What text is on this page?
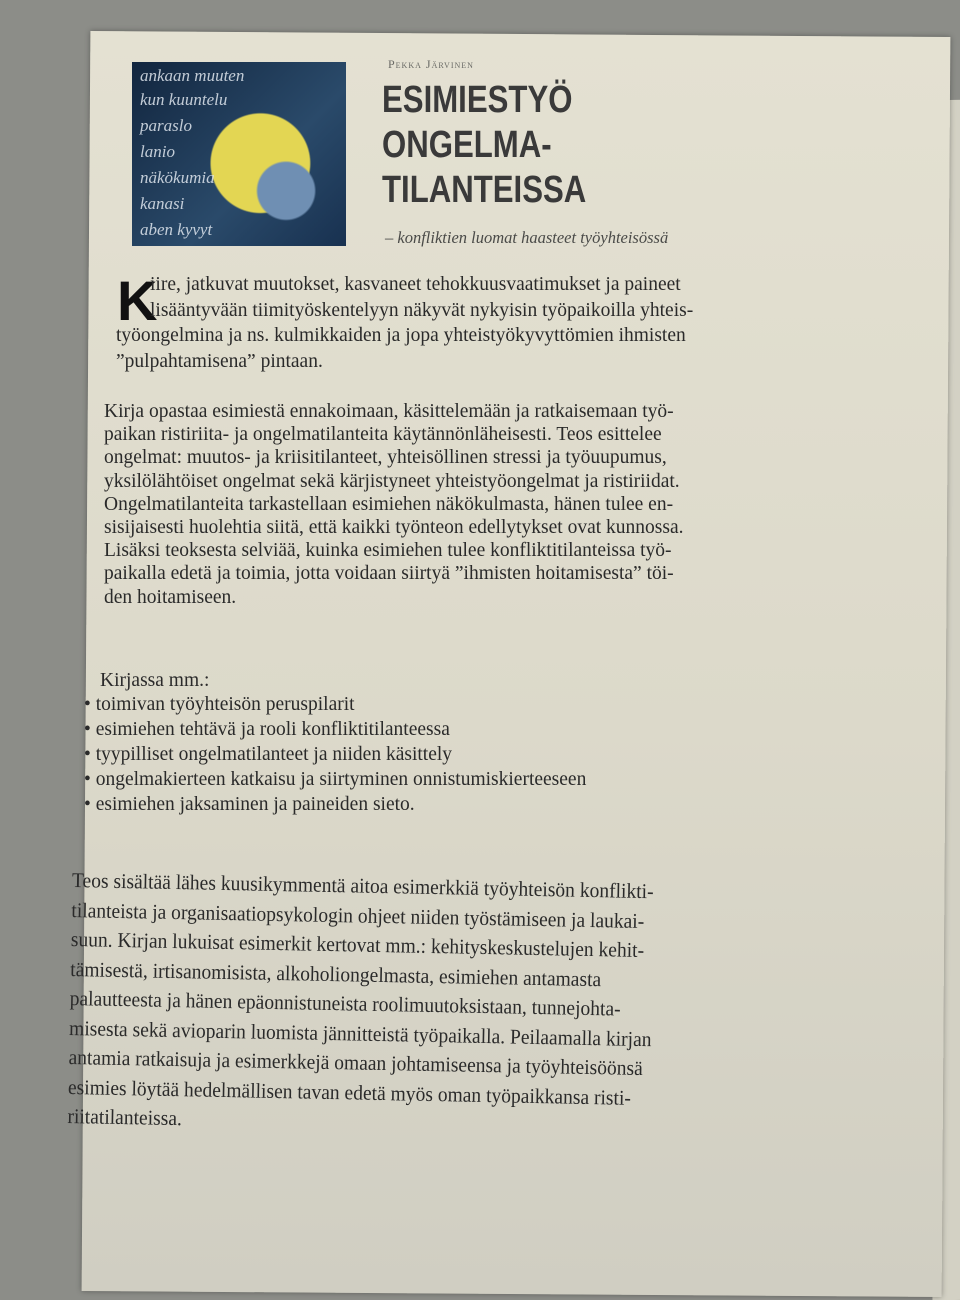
ankaan muuten
kun kuuntelu
paraslo
lanio
näkökumia
kanasi
aben kyvyt
Pekka Järvinen
ESIMIESTYÖ
ONGELMA-
TILANTEISSA
– konfliktien luomat haasteet työyhteisössä
K
iire, jatkuvat muutokset, kasvaneet tehokkuusvaatimukset ja paineet
lisääntyvään tiimityöskentelyyn näkyvät nykyisin työpaikoilla yhteis-
työongelmina ja ns. kulmikkaiden ja jopa yhteistyökyvyttömien ihmisten
”pulpahtamisena” pintaan.
Kirja opastaa esimiestä ennakoimaan, käsittelemään ja ratkaisemaan työ-
paikan ristiriita- ja ongelmatilanteita käytännönläheisesti. Teos esittelee
ongelmat: muutos- ja kriisitilanteet, yhteisöllinen stressi ja työuupumus,
yksilölähtöiset ongelmat sekä kärjistyneet yhteistyöongelmat ja ristiriidat.
Ongelmatilanteita tarkastellaan esimiehen näkökulmasta, hänen tulee en-
sisijaisesti huolehtia siitä, että kaikki työnteon edellytykset ovat kunnossa.
Lisäksi teoksesta selviää, kuinka esimiehen tulee konfliktitilanteissa työ-
paikalla edetä ja toimia, jotta voidaan siirtyä ”ihmisten hoitamisesta” töi-
den hoitamiseen.
Kirjassa mm.:
• toimivan työyhteisön peruspilarit
• esimiehen tehtävä ja rooli konfliktitilanteessa
• tyypilliset ongelmatilanteet ja niiden käsittely
• ongelmakierteen katkaisu ja siirtyminen onnistumiskierteeseen
• esimiehen jaksaminen ja paineiden sieto.
Teos sisältää lähes kuusikymmentä aitoa esimerkkiä työyhteisön konflikti-
tilanteista ja organisaatiopsykologin ohjeet niiden työstämiseen ja laukai-
suun. Kirjan lukuisat esimerkit kertovat mm.: kehityskeskustelujen kehit-
tämisestä, irtisanomisista, alkoholiongelmasta, esimiehen antamasta
palautteesta ja hänen epäonnistuneista roolimuutoksistaan, tunnejohta-
misesta sekä avioparin luomista jännitteistä työpaikalla. Peilaamalla kirjan
antamia ratkaisuja ja esimerkkejä omaan johtamiseensa ja työyhteisöönsä
esimies löytää hedelmällisen tavan edetä myös oman työpaikkansa risti-
riitatilanteissa.
